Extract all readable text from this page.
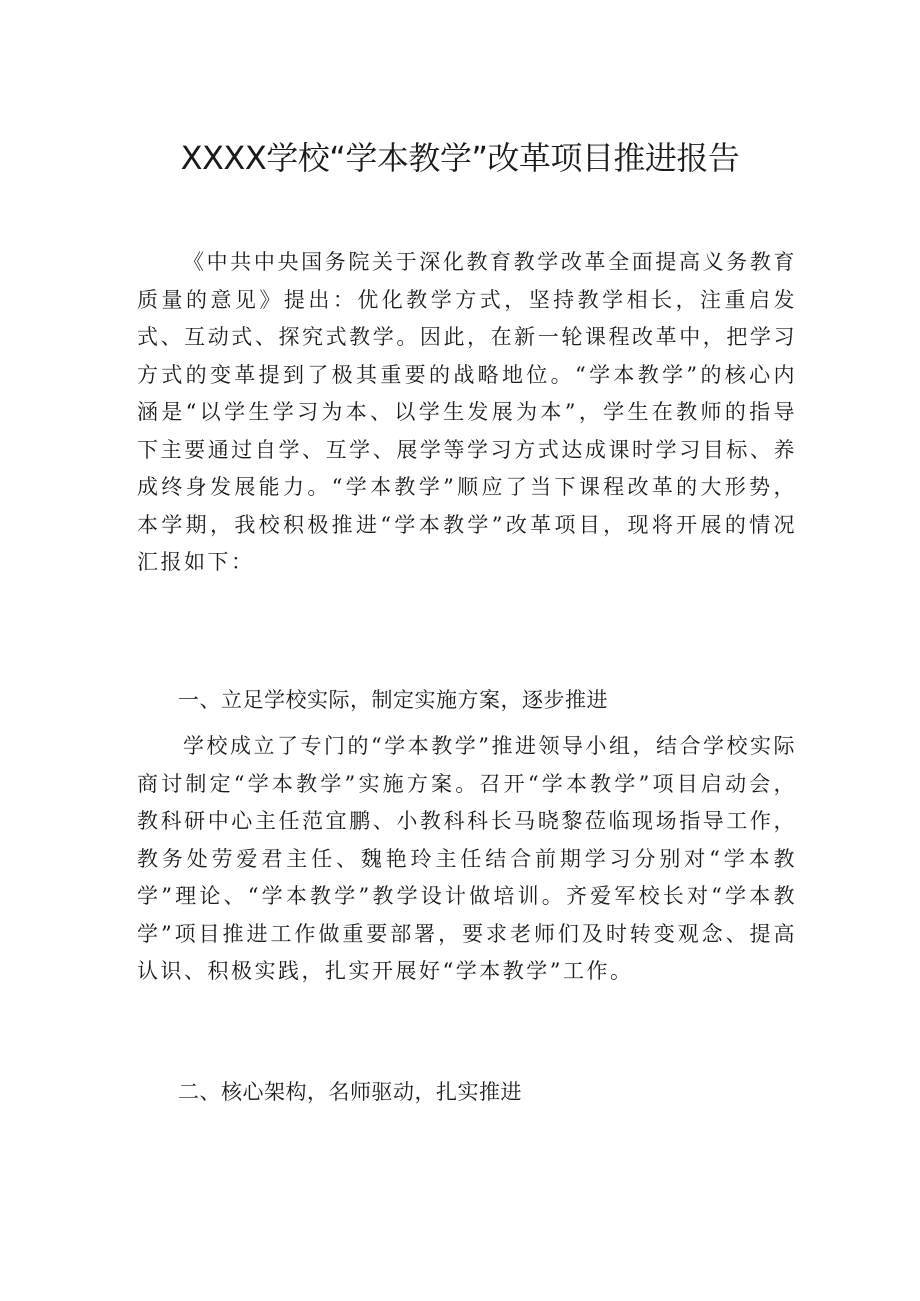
XXXX学校“学本教学”改革项目推进报告

《中共中央国务院关于深化教育教学改革全面提高义务教育质量的意见》提出：优化教学方式，坚持教学相长，注重启发式、互动式、探究式教学。因此，在新一轮课程改革中，把学习方式的变革提到了极其重要的战略地位。“学本教学”的核心内涵是“以学生学习为本、以学生发展为本”，学生在教师的指导下主要通过自学、互学、展学等学习方式达成课时学习目标、养成终身发展能力。“学本教学”顺应了当下课程改革的大形势，本学期，我校积极推进“学本教学”改革项目，现将开展的情况汇报如下：

一、立足学校实际，制定实施方案，逐步推进

学校成立了专门的“学本教学”推进领导小组，结合学校实际商讨制定“学本教学”实施方案。召开“学本教学”项目启动会，教科研中心主任范宜鹏、小教科科长马晓黎莅临现场指导工作，教务处劳爱君主任、魏艳玲主任结合前期学习分别对“学本教学”理论、“学本教学”教学设计做培训。齐爱军校长对“学本教学”项目推进工作做重要部署，要求老师们及时转变观念、提高认识、积极实践，扎实开展好“学本教学”工作。

二、核心架构，名师驱动，扎实推进
